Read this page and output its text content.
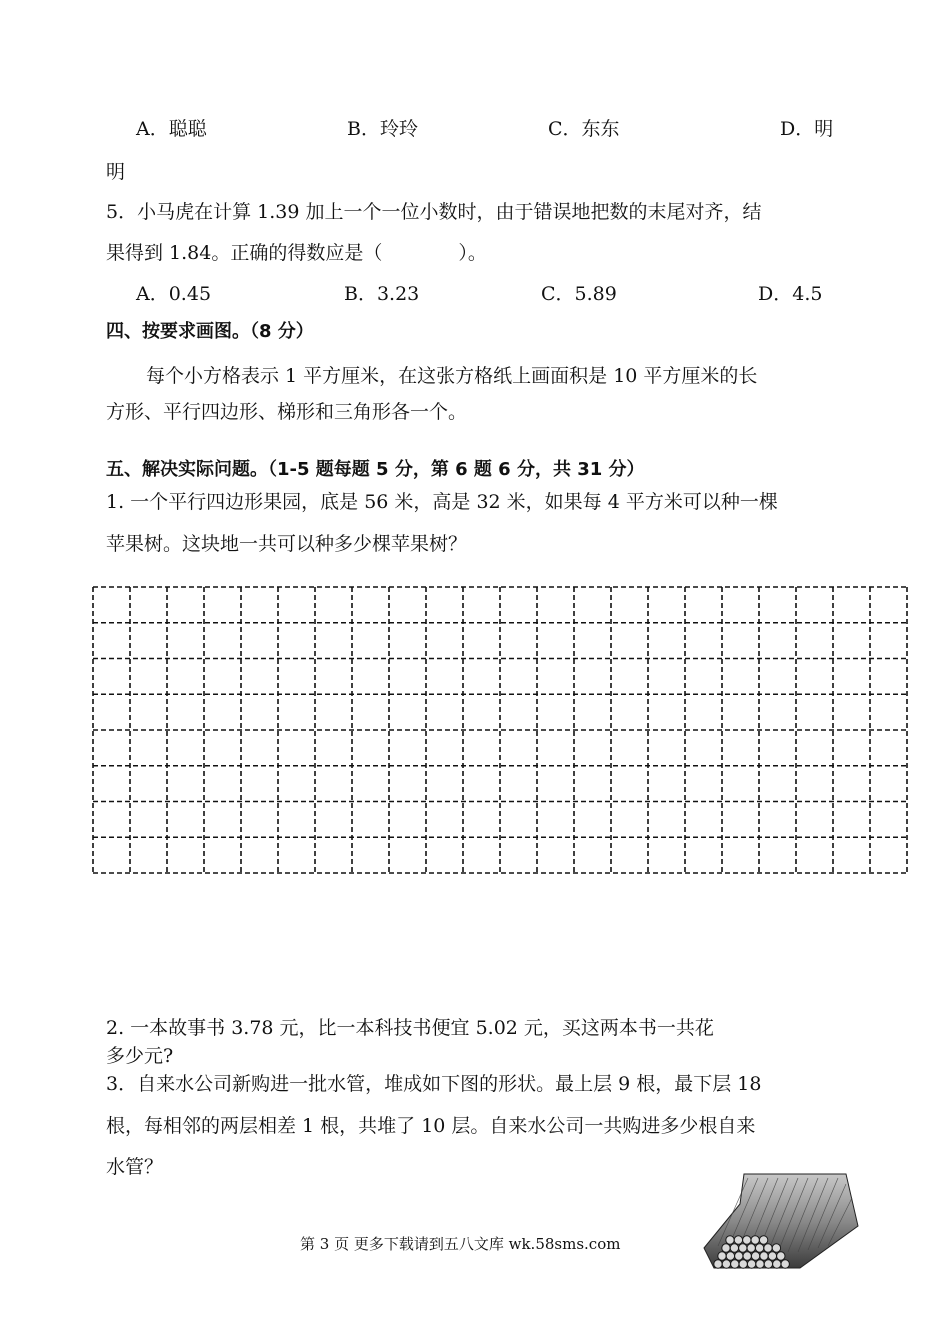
A．聪聪	B．玲玲	C．东东	D．明
明
5．小马虎在计算 1.39 加上一个一位小数时，由于错误地把数的末尾对齐，结
果得到 1.84。正确的得数应是（　　　　）。
A．0.45	B．3.23	C．5.89	D．4.5
四、按要求画图。（8 分）
每个小方格表示 1 平方厘米，在这张方格纸上画面积是 10 平方厘米的长
方形、平行四边形、梯形和三角形各一个。
五、解决实际问题。（1-5 题每题 5 分，第 6 题 6 分，共 31 分）
1. 一个平行四边形果园，底是 56 米，高是 32 米，如果每 4 平方米可以种一棵
苹果树。这块地一共可以种多少棵苹果树？
2. 一本故事书 3.78 元，比一本科技书便宜 5.02 元，买这两本书一共花
多少元?
3．自来水公司新购进一批水管，堆成如下图的形状。最上层 9 根，最下层 18
根，每相邻的两层相差 1 根，共堆了 10 层。自来水公司一共购进多少根自来
水管？
第 3 页 更多下载请到五八文库 wk.58sms.com
